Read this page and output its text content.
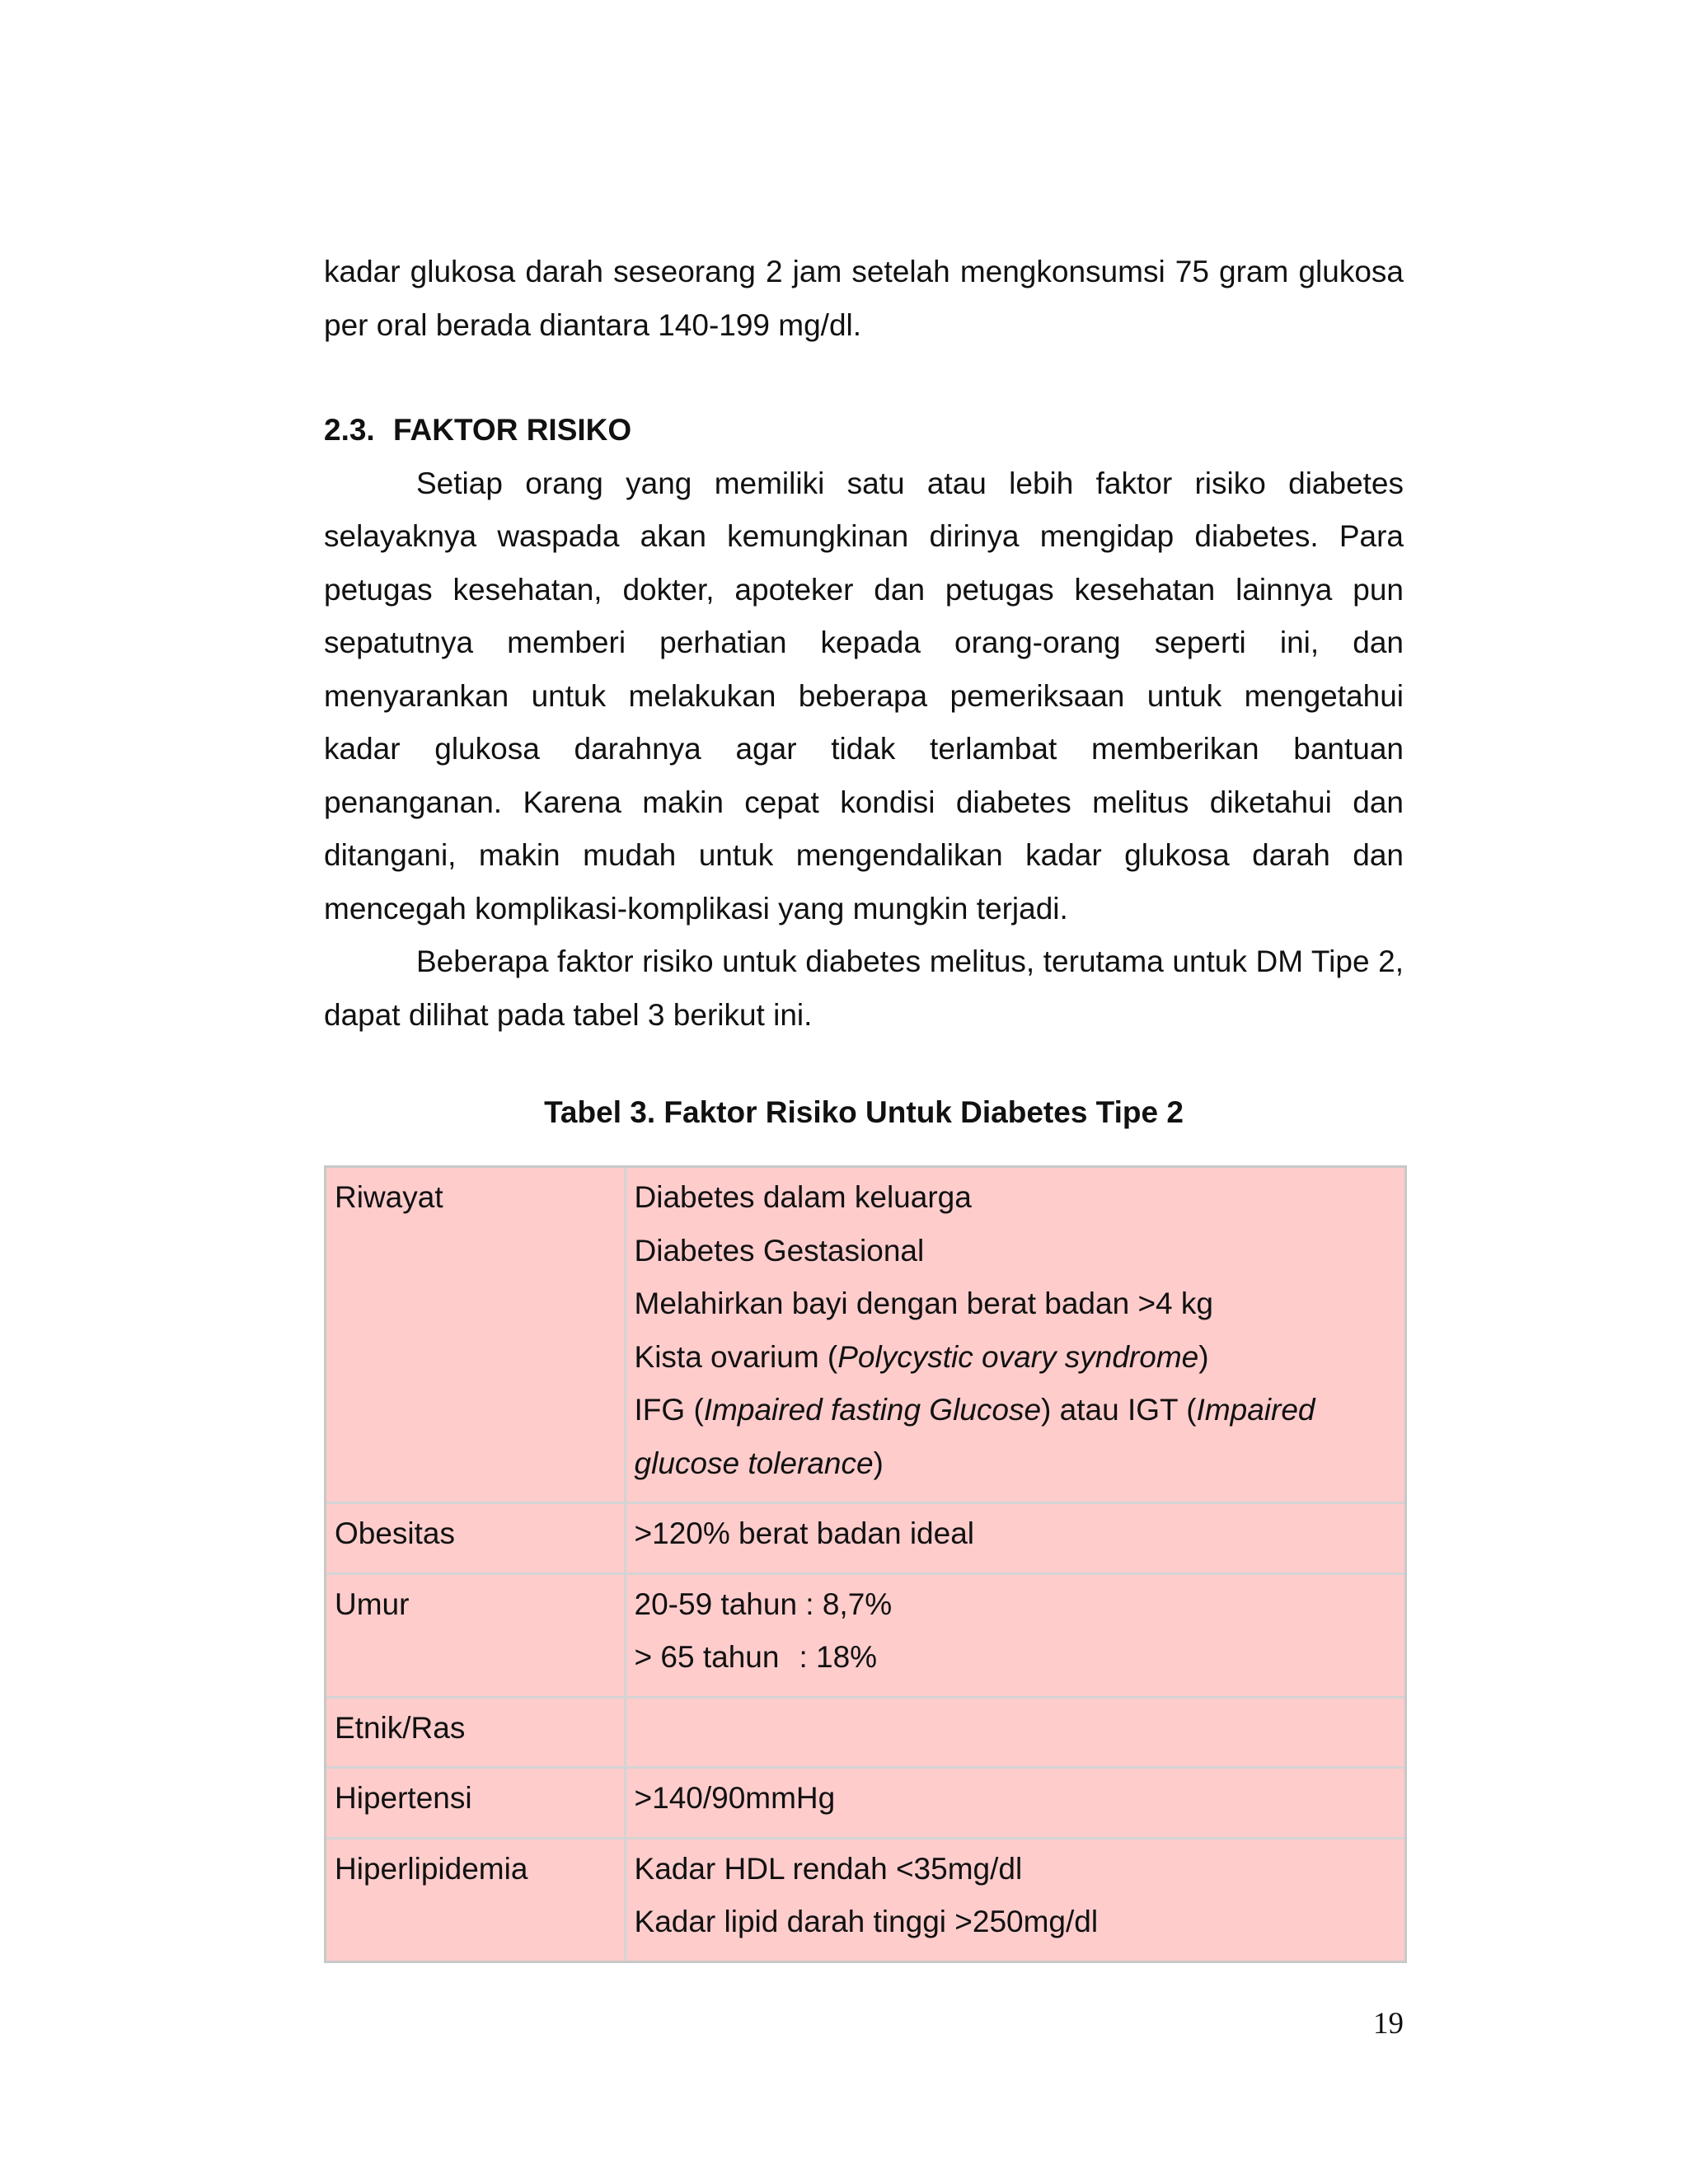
kadar glukosa darah seseorang 2 jam setelah mengkonsumsi 75 gram glukosa per oral berada diantara 140-199 mg/dl.

2.3. FAKTOR RISIKO

Setiap orang yang memiliki satu atau lebih faktor risiko diabetes selayaknya waspada akan kemungkinan dirinya mengidap diabetes. Para petugas kesehatan, dokter, apoteker dan petugas kesehatan lainnya pun sepatutnya memberi perhatian kepada orang-orang seperti ini, dan menyarankan untuk melakukan beberapa pemeriksaan untuk mengetahui kadar glukosa darahnya agar tidak terlambat memberikan bantuan penanganan. Karena makin cepat kondisi diabetes melitus diketahui dan ditangani, makin mudah untuk mengendalikan kadar glukosa darah dan mencegah komplikasi-komplikasi yang mungkin terjadi.

Beberapa faktor risiko untuk diabetes melitus, terutama untuk DM Tipe 2, dapat dilihat pada tabel 3 berikut ini.

Tabel 3. Faktor Risiko Untuk Diabetes Tipe 2
Riwayat	Diabetes dalam keluarga
Diabetes Gestasional
Melahirkan bayi dengan berat badan >4 kg
Kista ovarium (Polycystic ovary syndrome)
IFG (Impaired fasting Glucose) atau IGT (Impaired glucose tolerance)

Obesitas	>120% berat badan ideal
Umur	20-59 tahun : 8,7%
> 65 tahun : 18%

Etnik/Ras	
Hipertensi	>140/90mmHg
Hiperlipidemia	Kadar HDL rendah <35mg/dl
Kadar lipid darah tinggi >250mg/dl
19
